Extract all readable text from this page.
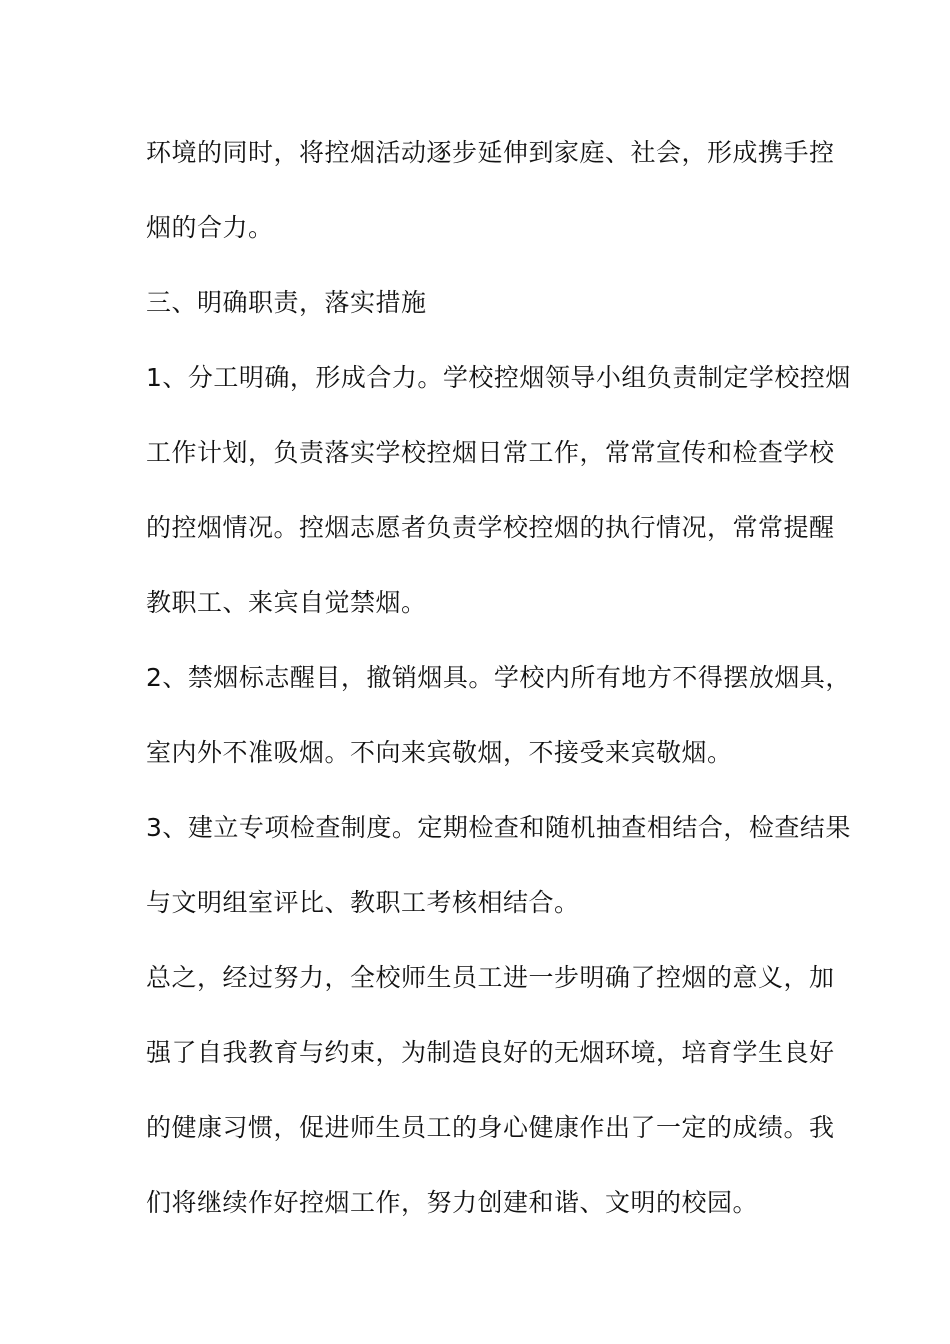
环境的同时，将控烟活动逐步延伸到家庭、社会，形成携手控
烟的合力。
三、明确职责，落实措施
1、分工明确，形成合力。学校控烟领导小组负责制定学校控烟
工作计划，负责落实学校控烟日常工作，常常宣传和检查学校
的控烟情况。控烟志愿者负责学校控烟的执行情况，常常提醒
教职工、来宾自觉禁烟。
2、禁烟标志醒目，撤销烟具。学校内所有地方不得摆放烟具，
室内外不准吸烟。不向来宾敬烟，不接受来宾敬烟。
3、建立专项检查制度。定期检查和随机抽查相结合，检查结果
与文明组室评比、教职工考核相结合。
总之，经过努力，全校师生员工进一步明确了控烟的意义，加
强了自我教育与约束，为制造良好的无烟环境，培育学生良好
的健康习惯，促进师生员工的身心健康作出了一定的成绩。我
们将继续作好控烟工作，努力创建和谐、文明的校园。
